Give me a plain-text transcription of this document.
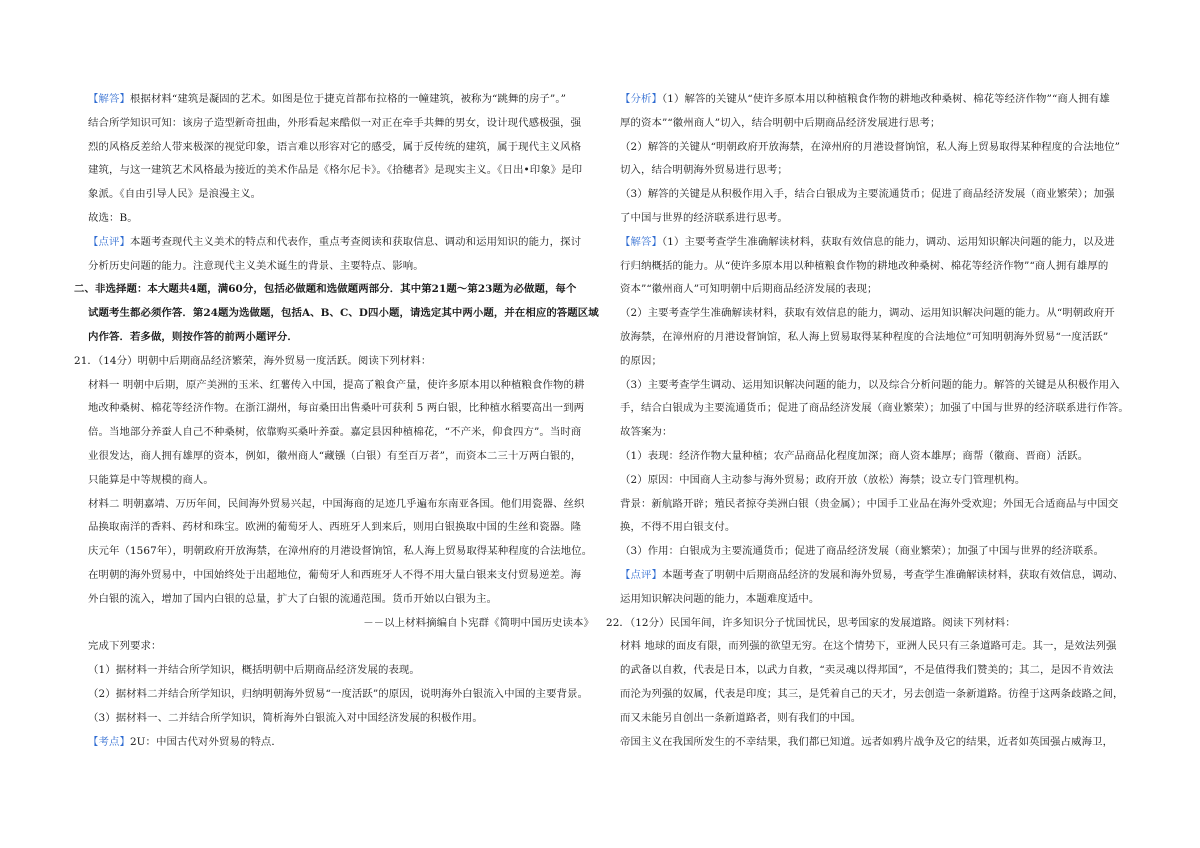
【解答】根据材料“建筑是凝固的艺术。如图是位于捷克首都布拉格的一幢建筑，被称为“跳舞的房子”。”
结合所学知识可知：该房子造型新奇扭曲，外形看起来酷似一对正在牵手共舞的男女，设计现代感极强，强
烈的风格反差给人带来极深的视觉印象，语言难以形容对它的感受，属于反传统的建筑，属于现代主义风格
建筑，与这一建筑艺术风格最为接近的美术作品是《格尔尼卡》。《拾穗者》是现实主义。《日出•印象》是印
象派。《自由引导人民》是浪漫主义。
故选：B。
【点评】本题考查现代主义美术的特点和代表作，重点考查阅读和获取信息、调动和运用知识的能力，探讨
分析历史问题的能力。注意现代主义美术诞生的背景、主要特点、影响。
二、非选择题：本大题共4题，满60分，包括必做题和选做题两部分．其中第21题～第23题为必做题，每个
试题考生都必须作答．第24题为选做题，包括A、B、C、D四小题，请选定其中两小题，并在相应的答题区域
内作答．若多做，则按作答的前两小题评分．
21．（14分）明朝中后期商品经济繁荣，海外贸易一度活跃。阅读下列材料：
材料一 明朝中后期，原产美洲的玉米、红薯传入中国，提高了粮食产量，使许多原本用以种植粮食作物的耕
地改种桑树、棉花等经济作物。在浙江湖州，每亩桑田出售桑叶可获利 5 两白银，比种植水稻要高出一到两
倍。当地部分养蚕人自己不种桑树，依靠购买桑叶养蚕。嘉定县因种植棉花，“不产米，仰食四方”。当时商
业很发达，商人拥有雄厚的资本，例如，徽州商人“藏镪（白银）有至百万者”，而资本二三十万两白银的，
只能算是中等规模的商人。
材料二 明朝嘉靖、万历年间，民间海外贸易兴起，中国海商的足迹几乎遍布东南亚各国。他们用瓷器、丝织
品换取南洋的香料、药材和珠宝。欧洲的葡萄牙人、西班牙人到来后，则用白银换取中国的生丝和瓷器。隆
庆元年（1567年），明朝政府开放海禁，在漳州府的月港设督饷馆，私人海上贸易取得某种程度的合法地位。
在明朝的海外贸易中，中国始终处于出超地位，葡萄牙人和西班牙人不得不用大量白银来支付贸易逆差。海
外白银的流入，增加了国内白银的总量，扩大了白银的流通范围。货币开始以白银为主。
－－以上材料摘编自卜宪群《简明中国历史读本》
完成下列要求：
（1）据材料一并结合所学知识，概括明朝中后期商品经济发展的表现。
（2）据材料二并结合所学知识，归纳明朝海外贸易“一度活跃”的原因，说明海外白银流入中国的主要背景。
（3）据材料一、二并结合所学知识，简析海外白银流入对中国经济发展的积极作用。
【考点】2U：中国古代对外贸易的特点．
【分析】（1）解答的关键从“使许多原本用以种植粮食作物的耕地改种桑树、棉花等经济作物”“商人拥有雄
厚的资本”“徽州商人”切入，结合明朝中后期商品经济发展进行思考；
（2）解答的关键从“明朝政府开放海禁，在漳州府的月港设督饷馆，私人海上贸易取得某种程度的合法地位”
切入，结合明朝海外贸易进行思考；
（3）解答的关键是从积极作用入手，结合白银成为主要流通货币；促进了商品经济发展（商业繁荣）；加强
了中国与世界的经济联系进行思考。
【解答】（1）主要考查学生准确解读材料，获取有效信息的能力，调动、运用知识解决问题的能力，以及进
行归纳概括的能力。从“使许多原本用以种植粮食作物的耕地改种桑树、棉花等经济作物”“商人拥有雄厚的
资本”“徽州商人”可知明朝中后期商品经济发展的表现；
（2）主要考查学生准确解读材料，获取有效信息的能力，调动、运用知识解决问题的能力。从“明朝政府开
放海禁，在漳州府的月港设督饷馆，私人海上贸易取得某种程度的合法地位”可知明朝海外贸易“一度活跃”
的原因；
（3）主要考查学生调动、运用知识解决问题的能力，以及综合分析问题的能力。解答的关键是从积极作用入
手，结合白银成为主要流通货币；促进了商品经济发展（商业繁荣）；加强了中国与世界的经济联系进行作答。
故答案为：
（1）表现：经济作物大量种植；农产品商品化程度加深；商人资本雄厚；商帮（徽商、晋商）活跃。
（2）原因：中国商人主动参与海外贸易；政府开放（放松）海禁；设立专门管理机构。
背景：新航路开辟；殖民者掠夺美洲白银（贵金属）；中国手工业品在海外受欢迎；外国无合适商品与中国交
换，不得不用白银支付。
（3）作用：白银成为主要流通货币；促进了商品经济发展（商业繁荣）；加强了中国与世界的经济联系。
【点评】本题考查了明朝中后期商品经济的发展和海外贸易，考查学生准确解读材料，获取有效信息，调动、
运用知识解决问题的能力，本题难度适中。
22．（12分）民国年间，许多知识分子忧国忧民，思考国家的发展道路。阅读下列材料：
材料 地球的面皮有限，而列强的欲望无穷。在这个情势下，亚洲人民只有三条道路可走。其一，是效法列强
的武备以自救，代表是日本，以武力自救，“卖灵魂以得邦国”，不是值得我们赞美的；其二，是因不肯效法
而沦为列强的奴属，代表是印度；其三，是凭着自己的天才，另去创造一条新道路。彷徨于这两条歧路之间，
而又未能另自创出一条新道路者，则有我们的中国。
帝国主义在我国所发生的不幸结果，我们都已知道。远者如鸦片战争及它的结果，近者如英国强占威海卫，
